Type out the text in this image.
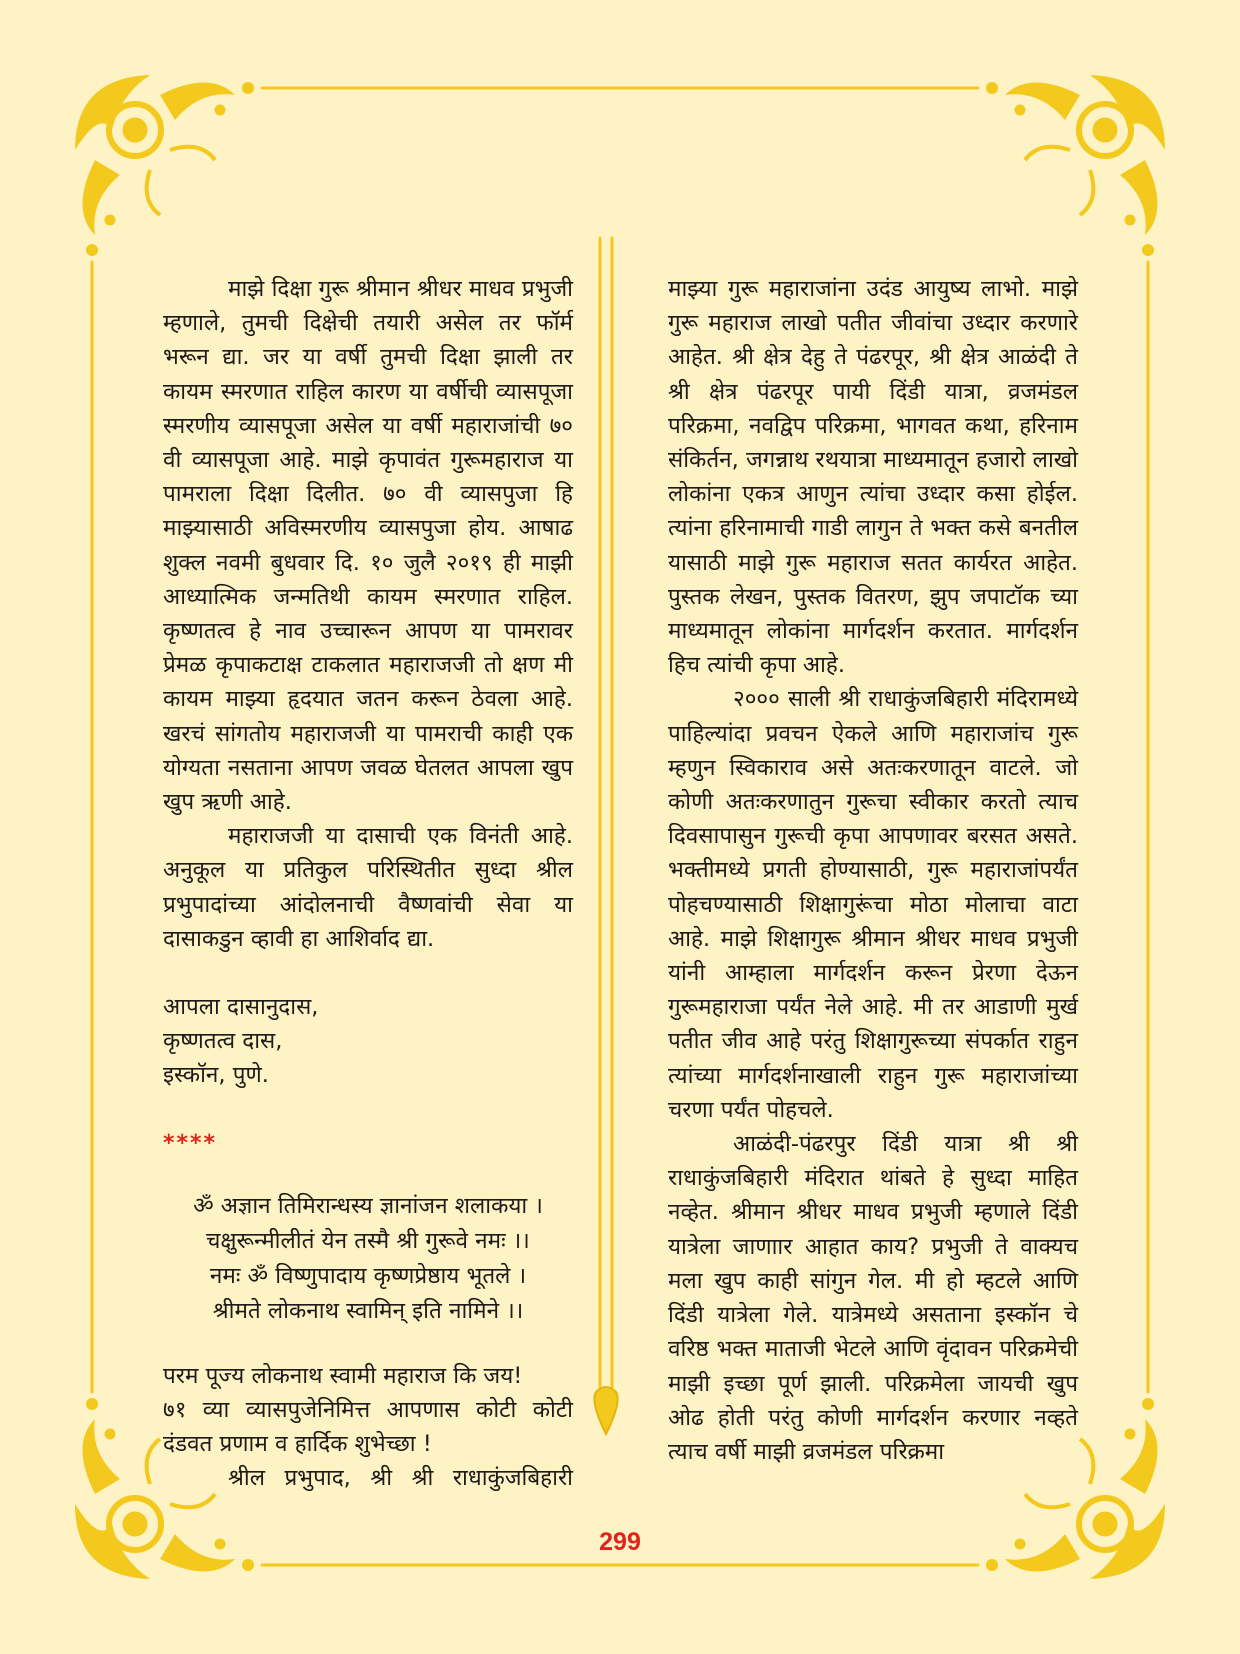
माझे दिक्षा गुरू श्रीमान श्रीधर माधव प्रभुजी म्हणाले, तुमची दिक्षेची तयारी असेल तर फॉर्म भरून द्या. जर या वर्षी तुमची दिक्षा झाली तर कायम स्मरणात राहिल कारण या वर्षीची व्यासपूजा स्मरणीय व्यासपूजा असेल या वर्षी महाराजांची ७० वी व्यासपूजा आहे. माझे कृपावंत गुरूमहाराज या पामराला दिक्षा दिलीत. ७० वी व्यासपुजा हि माझ्यासाठी अविस्मरणीय व्यासपुजा होय. आषाढ शुक्ल नवमी बुधवार दि. १० जुलै २०१९ ही माझी आध्यात्मिक जन्मतिथी कायम स्मरणात राहिल. कृष्णतत्व हे नाव उच्चारून आपण या पामरावर प्रेमळ कृपाकटाक्ष टाकलात महाराजजी तो क्षण मी कायम माझ्या हृदयात जतन करून ठेवला आहे. खरचं सांगतोय महाराजजी या पामराची काही एक योग्यता नसताना आपण जवळ घेतलत आपला खुप खुप ऋणी आहे.

महाराजजी या दासाची एक विनंती आहे. अनुकूल या प्रतिकुल परिस्थितीत सुध्दा श्रील प्रभुपादांच्या आंदोलनाची वैष्णवांची सेवा या दासाकडुन व्हावी हा आशिर्वाद द्या.

आपला दासानुदास,

कृष्णतत्व दास,

इस्कॉन, पुणे.

****

ॐ अज्ञान तिमिरान्धस्य ज्ञानांजन शलाकया ।
चक्षुरून्मीलीतं येन तस्मै श्री गुरूवे नमः ।।
नमः ॐ विष्णुपादाय कृष्णप्रेष्ठाय भूतले ।
श्रीमते लोकनाथ स्वामिन् इति नामिने ।।

परम पूज्य लोकनाथ स्वामी महाराज कि जय!

७१ व्या व्यासपुजेनिमित्त आपणास कोटी कोटी दंडवत प्रणाम व हार्दिक शुभेच्छा !

श्रील प्रभुपाद, श्री श्री राधाकुंजबिहारी

माझ्या गुरू महाराजांना उदंड आयुष्य लाभो. माझे गुरू महाराज लाखो पतीत जीवांचा उध्दार करणारे आहेत. श्री क्षेत्र देहु ते पंढरपूर, श्री क्षेत्र आळंदी ते श्री क्षेत्र पंढरपूर पायी दिंडी यात्रा, व्रजमंडल परिक्रमा, नवद्विप परिक्रमा, भागवत कथा, हरिनाम संकिर्तन, जगन्नाथ रथयात्रा माध्यमातून हजारो लाखो लोकांना एकत्र आणुन त्यांचा उध्दार कसा होईल. त्यांना हरिनामाची गाडी लागुन ते भक्त कसे बनतील यासाठी माझे गुरू महाराज सतत कार्यरत आहेत. पुस्तक लेखन, पुस्तक वितरण, झुप जपाटॉक च्या माध्यमातून लोकांना मार्गदर्शन करतात. मार्गदर्शन हिच त्यांची कृपा आहे.

२००० साली श्री राधाकुंजबिहारी मंदिरामध्ये पाहिल्यांदा प्रवचन ऐकले आणि महाराजांच गुरू म्हणुन स्विकाराव असे अतःकरणातून वाटले. जो कोणी अतःकरणातुन गुरूचा स्वीकार करतो त्याच दिवसापासुन गुरूची कृपा आपणावर बरसत असते. भक्तीमध्ये प्रगती होण्यासाठी, गुरू महाराजांपर्यंत पोहचण्यासाठी शिक्षागुरूंचा मोठा मोलाचा वाटा आहे. माझे शिक्षागुरू श्रीमान श्रीधर माधव प्रभुजी यांनी आम्हाला मार्गदर्शन करून प्रेरणा देऊन गुरूमहाराजा पर्यंत नेले आहे. मी तर आडाणी मुर्ख पतीत जीव आहे परंतु शिक्षागुरूच्या संपर्कात राहुन त्यांच्या मार्गदर्शनाखाली राहुन गुरू महाराजांच्या चरणा पर्यंत पोहचले.

आळंदी-पंढरपुर दिंडी यात्रा श्री श्री राधाकुंजबिहारी मंदिरात थांबते हे सुध्दा माहित नव्हेत. श्रीमान श्रीधर माधव प्रभुजी म्हणाले दिंडी यात्रेला जाणाार आहात काय? प्रभुजी ते वाक्यच मला खुप काही सांगुन गेल. मी हो म्हटले आणि दिंडी यात्रेला गेले. यात्रेमध्ये असताना इस्कॉन चे वरिष्ठ भक्त माताजी भेटले आणि वृंदावन परिक्रमेची माझी इच्छा पूर्ण झाली. परिक्रमेला जायची खुप ओढ होती परंतु कोणी मार्गदर्शन करणार नव्हते त्याच वर्षी माझी व्रजमंडल परिक्रमा

299
